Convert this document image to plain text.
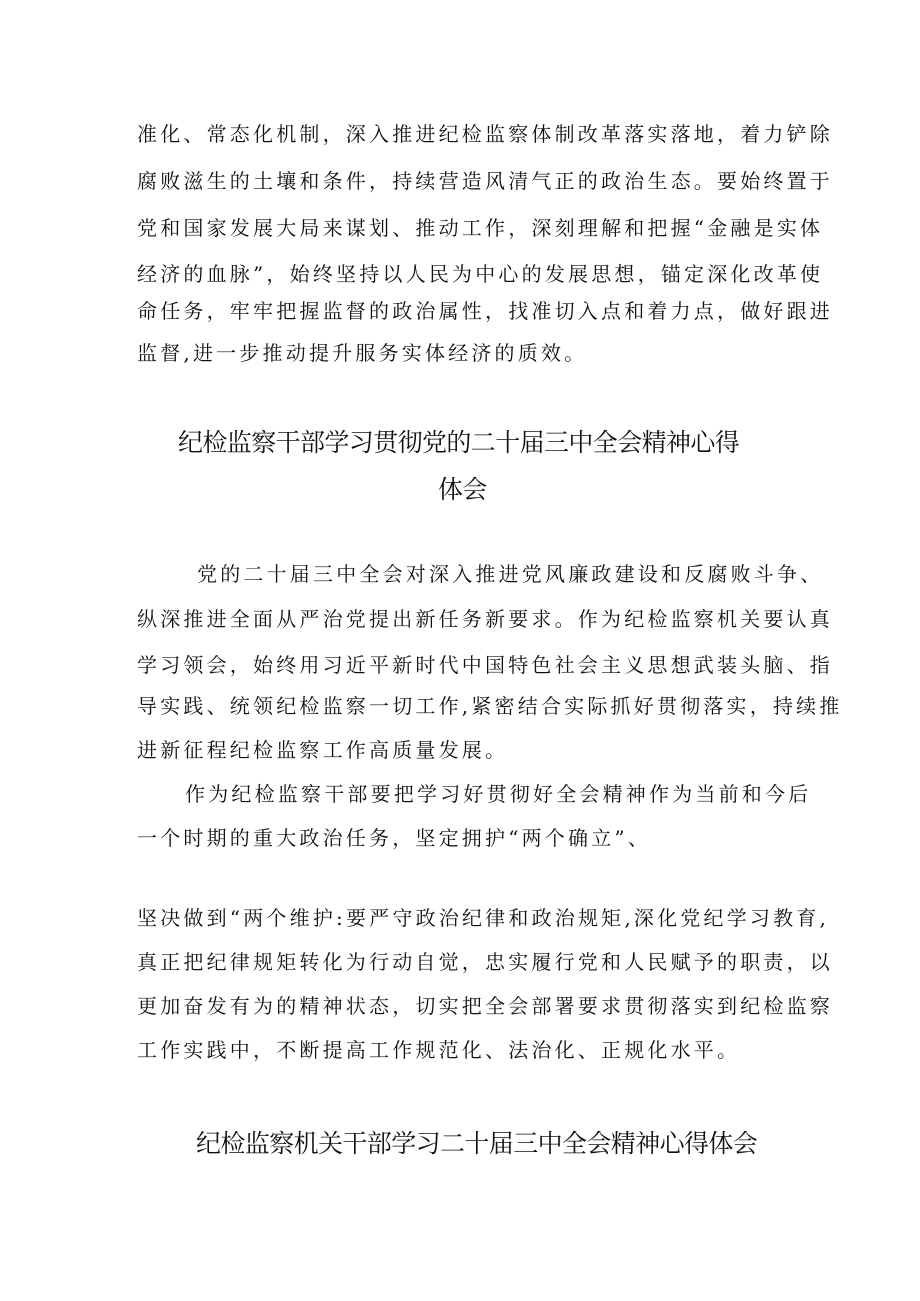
准化、常态化机制，深入推进纪检监察体制改革落实落地，着力铲除
腐败滋生的土壤和条件，持续营造风清气正的政治生态。要始终置于
党和国家发展大局来谋划、推动工作，深刻理解和把握“金融是实体
经济的血脉”，始终坚持以人民为中心的发展思想，锚定深化改革使
命任务，牢牢把握监督的政治属性，找准切入点和着力点，做好跟进
监督,进一步推动提升服务实体经济的质效。
纪检监察干部学习贯彻党的二十届三中全会精神心得
体会
党的二十届三中全会对深入推进党风廉政建设和反腐败斗争、
纵深推进全面从严治党提出新任务新要求。作为纪检监察机关要认真
学习领会，始终用习近平新时代中国特色社会主义思想武装头脑、指
导实践、统领纪检监察一切工作,紧密结合实际抓好贯彻落实，持续推
进新征程纪检监察工作高质量发展。
作为纪检监察干部要把学习好贯彻好全会精神作为当前和今后
一个时期的重大政治任务，坚定拥护“两个确立”、
坚决做到“两个维护:要严守政治纪律和政治规矩,深化党纪学习教育,
真正把纪律规矩转化为行动自觉，忠实履行党和人民赋予的职责，以
更加奋发有为的精神状态，切实把全会部署要求贯彻落实到纪检监察
工作实践中，不断提高工作规范化、法治化、正规化水平。
纪检监察机关干部学习二十届三中全会精神心得体会
